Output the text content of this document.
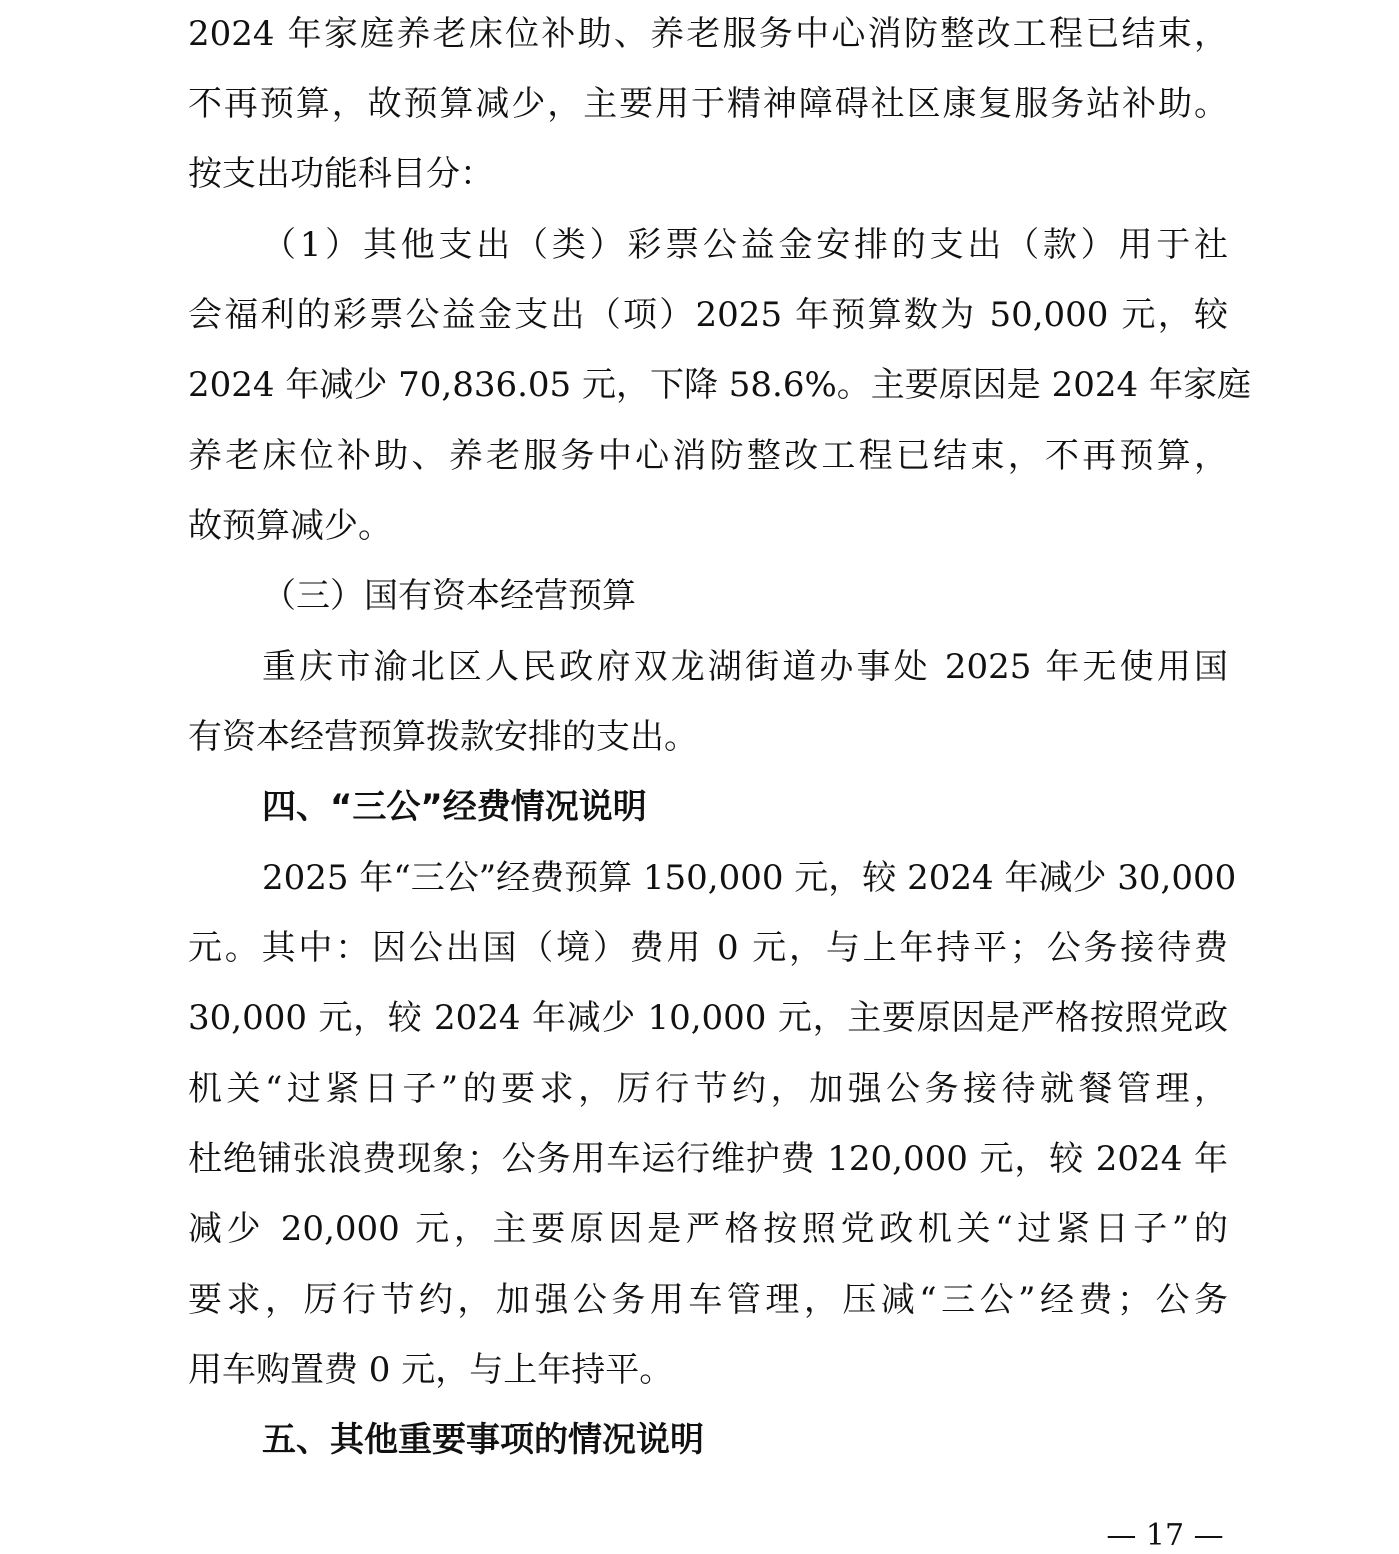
2024 年家庭养老床位补助、养老服务中心消防整改工程已结束，
不再预算，故预算减少，主要用于精神障碍社区康复服务站补助。
按支出功能科目分：
（1）其他支出（类）彩票公益金安排的支出（款）用于社
会福利的彩票公益金支出（项）2025 年预算数为 50,000 元，较
2024 年减少 70,836.05 元，下降 58.6%。主要原因是 2024 年家庭
养老床位补助、养老服务中心消防整改工程已结束，不再预算，
故预算减少。
（三）国有资本经营预算
重庆市渝北区人民政府双龙湖街道办事处 2025 年无使用国
有资本经营预算拨款安排的支出。
四、“三公”经费情况说明
2025 年“三公”经费预算 150,000 元，较 2024 年减少 30,000
元。其中：因公出国（境）费用 0 元，与上年持平；公务接待费
30,000 元，较 2024 年减少 10,000 元，主要原因是严格按照党政
机关“过紧日子”的要求，厉行节约，加强公务接待就餐管理，
杜绝铺张浪费现象；公务用车运行维护费 120,000 元，较 2024 年
减少 20,000 元，主要原因是严格按照党政机关“过紧日子”的
要求，厉行节约，加强公务用车管理，压减“三公”经费；公务
用车购置费 0 元，与上年持平。
五、其他重要事项的情况说明
— 17 —
